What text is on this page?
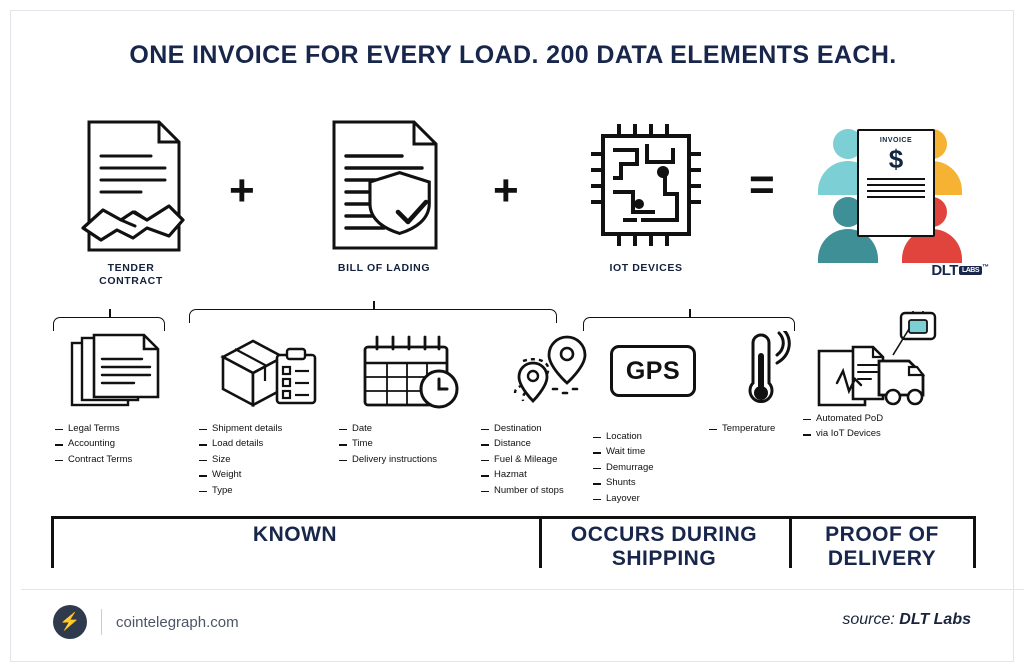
ONE INVOICE FOR EVERY LOAD. 200 DATA ELEMENTS EACH.
TENDER
CONTRACT
+
BILL OF LADING
+
IOT DEVICES
=
INVOICE
$
DLT LABS ™
Legal Terms
Accounting
Contract Terms
Shipment details
Load details
Size
Weight
Type
Date
Time
Delivery instructions
Destination
Distance
Fuel & Mileage
Hazmat
Number of stops
GPS
Location
Wait time
Demurrage
Shunts
Layover
Temperature
Automated PoD
via IoT Devices
KNOWN	OCCURS DURING
SHIPPING
PROOF OF
DELIVERY
⚡ cointelegraph.com	source: DLT Labs
